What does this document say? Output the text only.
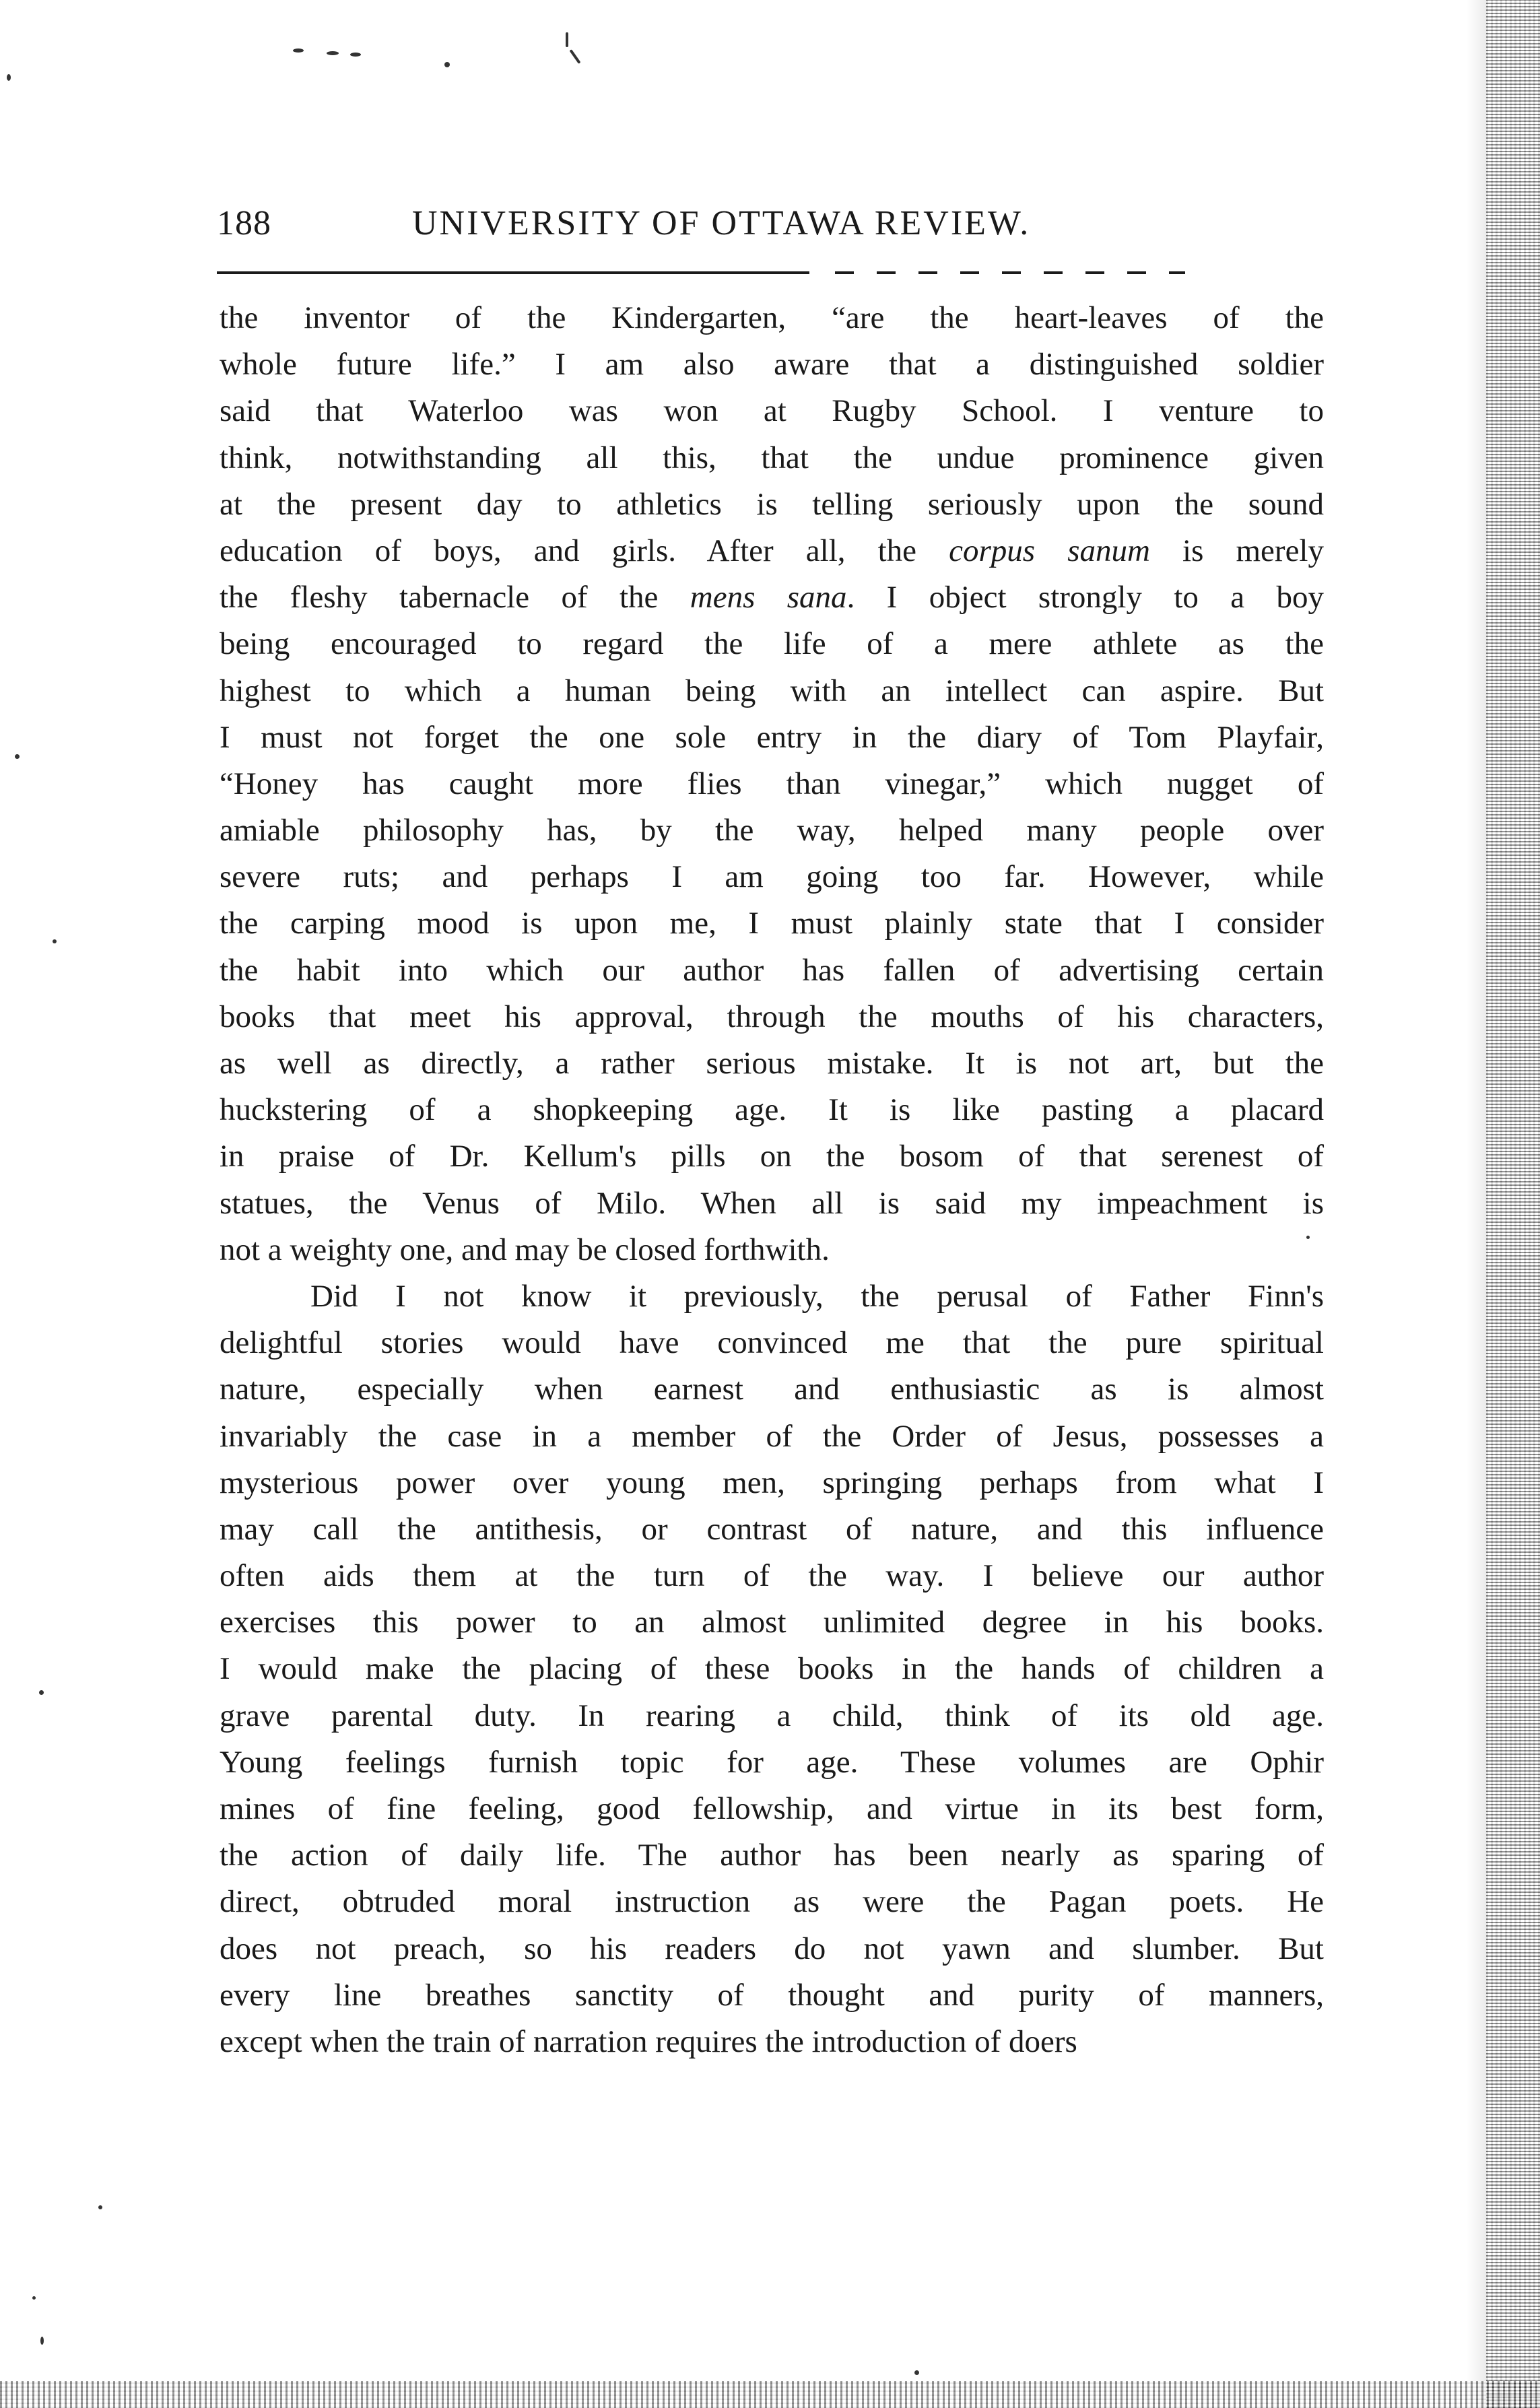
188	UNIVERSITY OF OTTAWA REVIEW.
the inventor of the Kindergarten, “are the heart-leaves of the
whole future life.” I am also aware that a distinguished soldier
said that Waterloo was won at Rugby School. I venture to
think, notwithstanding all this, that the undue prominence given
at the present day to athletics is telling seriously upon the sound
education of boys, and girls. After all, the corpus sanum is merely
the fleshy tabernacle of the mens sana. I object strongly to a boy
being encouraged to regard the life of a mere athlete as the
highest to which a human being with an intellect can aspire. But
I must not forget the one sole entry in the diary of Tom Playfair,
“Honey has caught more flies than vinegar,” which nugget of
amiable philosophy has, by the way, helped many people over
severe ruts; and perhaps I am going too far. However, while
the carping mood is upon me, I must plainly state that I consider
the habit into which our author has fallen of advertising certain
books that meet his approval, through the mouths of his characters,
as well as directly, a rather serious mistake. It is not art, but the
huckstering of a shopkeeping age. It is like pasting a placard
in praise of Dr. Kellum's pills on the bosom of that serenest of
statues, the Venus of Milo. When all is said my impeachment is
not a weighty one, and may be closed forthwith.
Did I not know it previously, the perusal of Father Finn's
delightful stories would have convinced me that the pure spiritual
nature, especially when earnest and enthusiastic as is almost
invariably the case in a member of the Order of Jesus, possesses a
mysterious power over young men, springing perhaps from what I
may call the antithesis, or contrast of nature, and this influence
often aids them at the turn of the way. I believe our author
exercises this power to an almost unlimited degree in his books.
I would make the placing of these books in the hands of children a
grave parental duty. In rearing a child, think of its old age.
Young feelings furnish topic for age. These volumes are Ophir
mines of fine feeling, good fellowship, and virtue in its best form,
the action of daily life. The author has been nearly as sparing of
direct, obtruded moral instruction as were the Pagan poets. He
does not preach, so his readers do not yawn and slumber. But
every line breathes sanctity of thought and purity of manners,
except when the train of narration requires the introduction of doers
